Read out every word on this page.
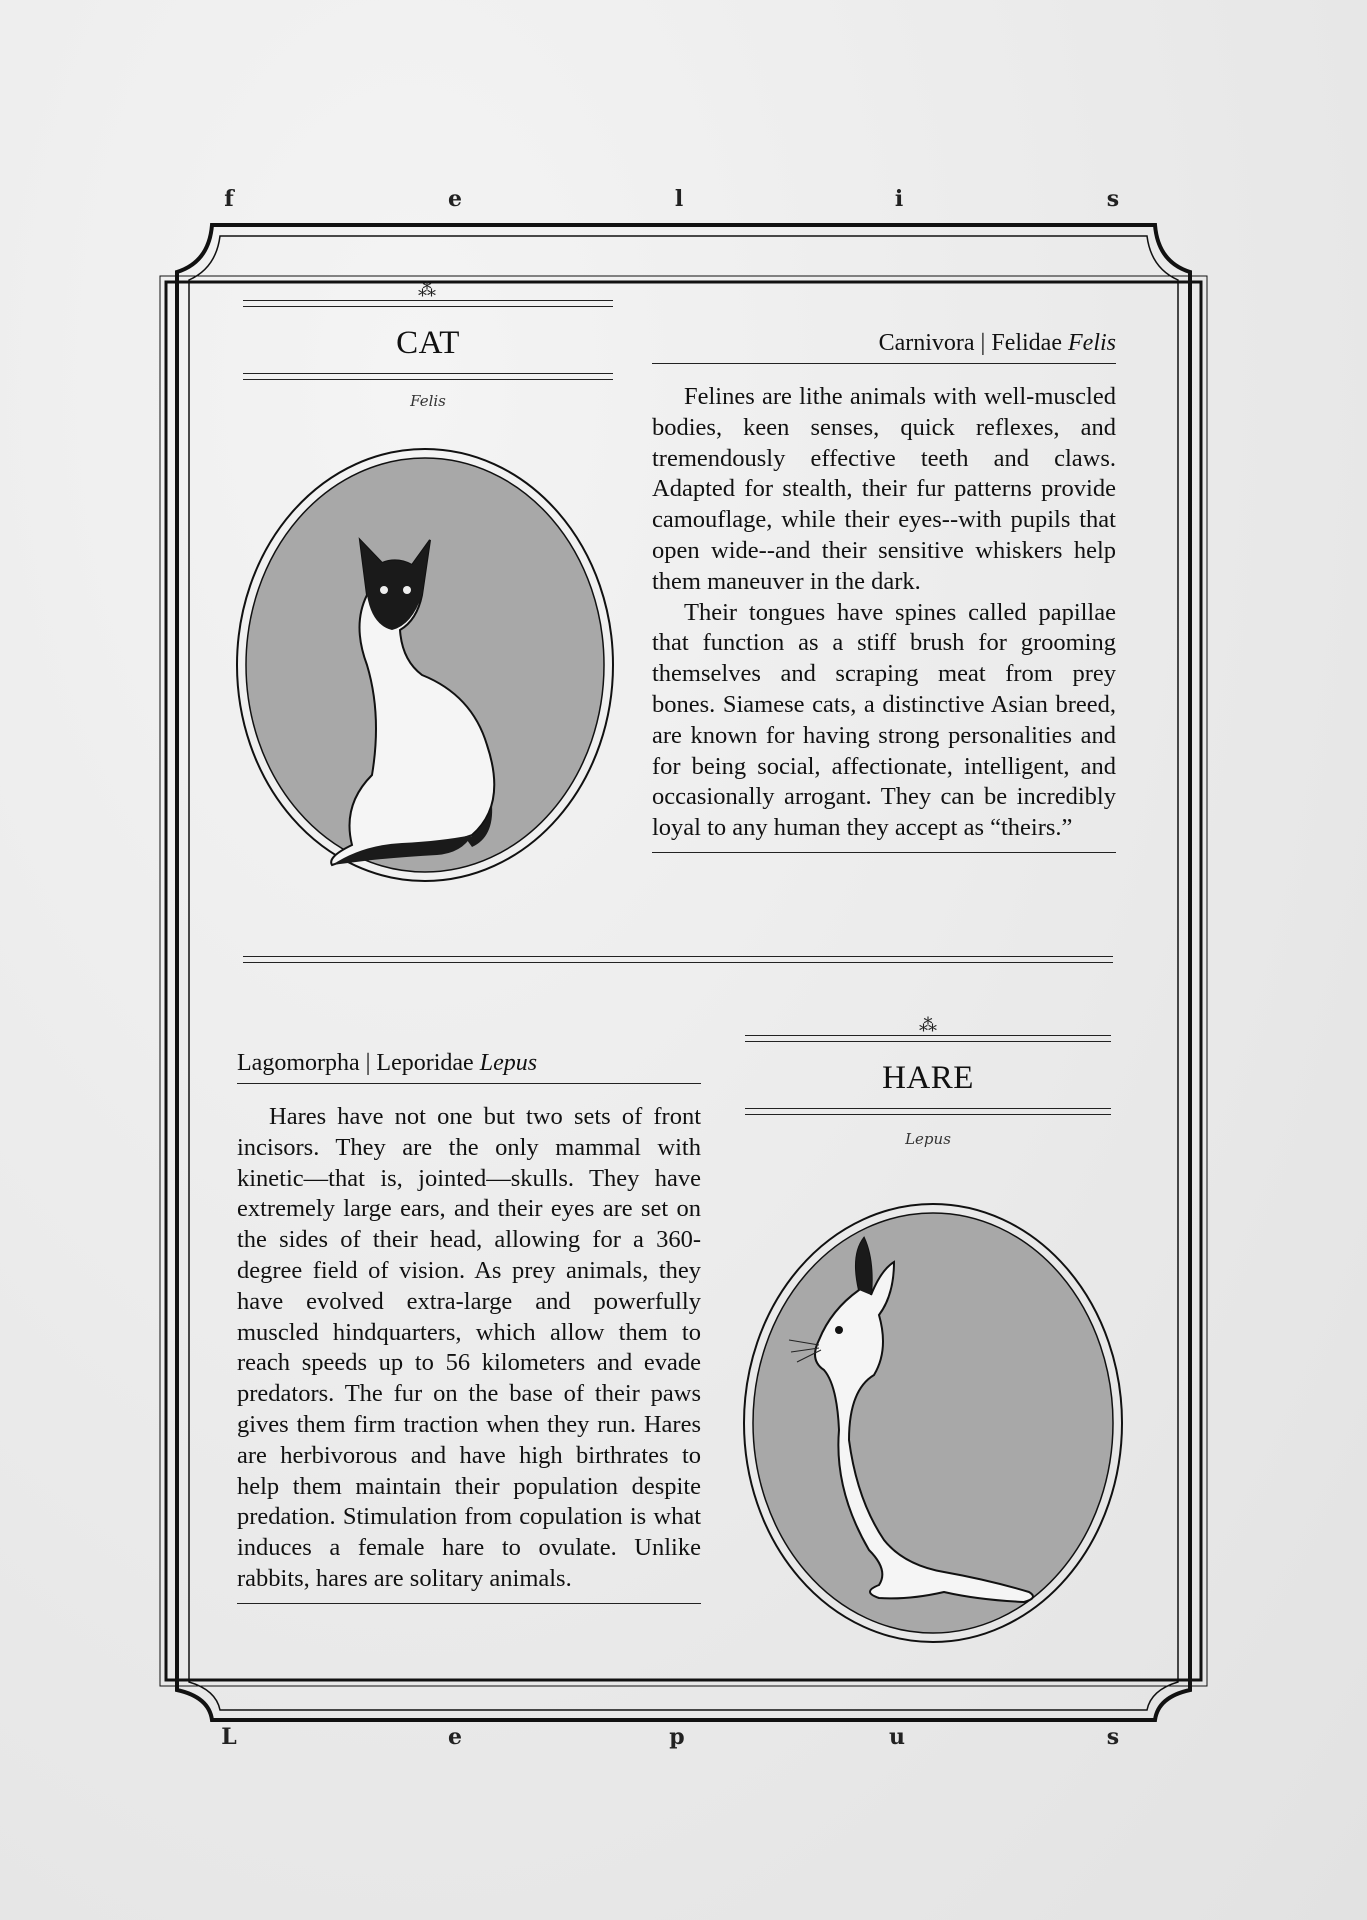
f	e	l	i	s
⁂
CAT
Felis
Carnivora | Felidae Felis

Felines are lithe animals with well-muscled bodies, keen senses, quick reflexes, and tremendously effective teeth and claws. Adapted for stealth, their fur patterns provide camouflage, while their eyes--with pupils that open wide--and their sensitive whiskers help them maneuver in the dark.

Their tongues have spines called papillae that function as a stiff brush for grooming themselves and scraping meat from prey bones. Siamese cats, a distinctive Asian breed, are known for having strong personalities and for being social, affectionate, intelligent, and occasionally arrogant. They can be incredibly loyal to any human they accept as “theirs.”

Lagomorpha | Leporidae Lepus

Hares have not one but two sets of front incisors. They are the only mammal with kinetic—that is, jointed—skulls. They have extremely large ears, and their eyes are set on the sides of their head, allowing for a 360-degree field of vision. As prey animals, they have evolved extra-large and powerfully muscled hindquarters, which allow them to reach speeds up to 56 kilometers and evade predators. The fur on the base of their paws gives them firm traction when they run. Hares are herbivorous and have high birthrates to help them maintain their population despite predation. Stimulation from copulation is what induces a female hare to ovulate. Unlike rabbits, hares are solitary animals.

⁂
HARE
Lepus
L	e	p	u	s
